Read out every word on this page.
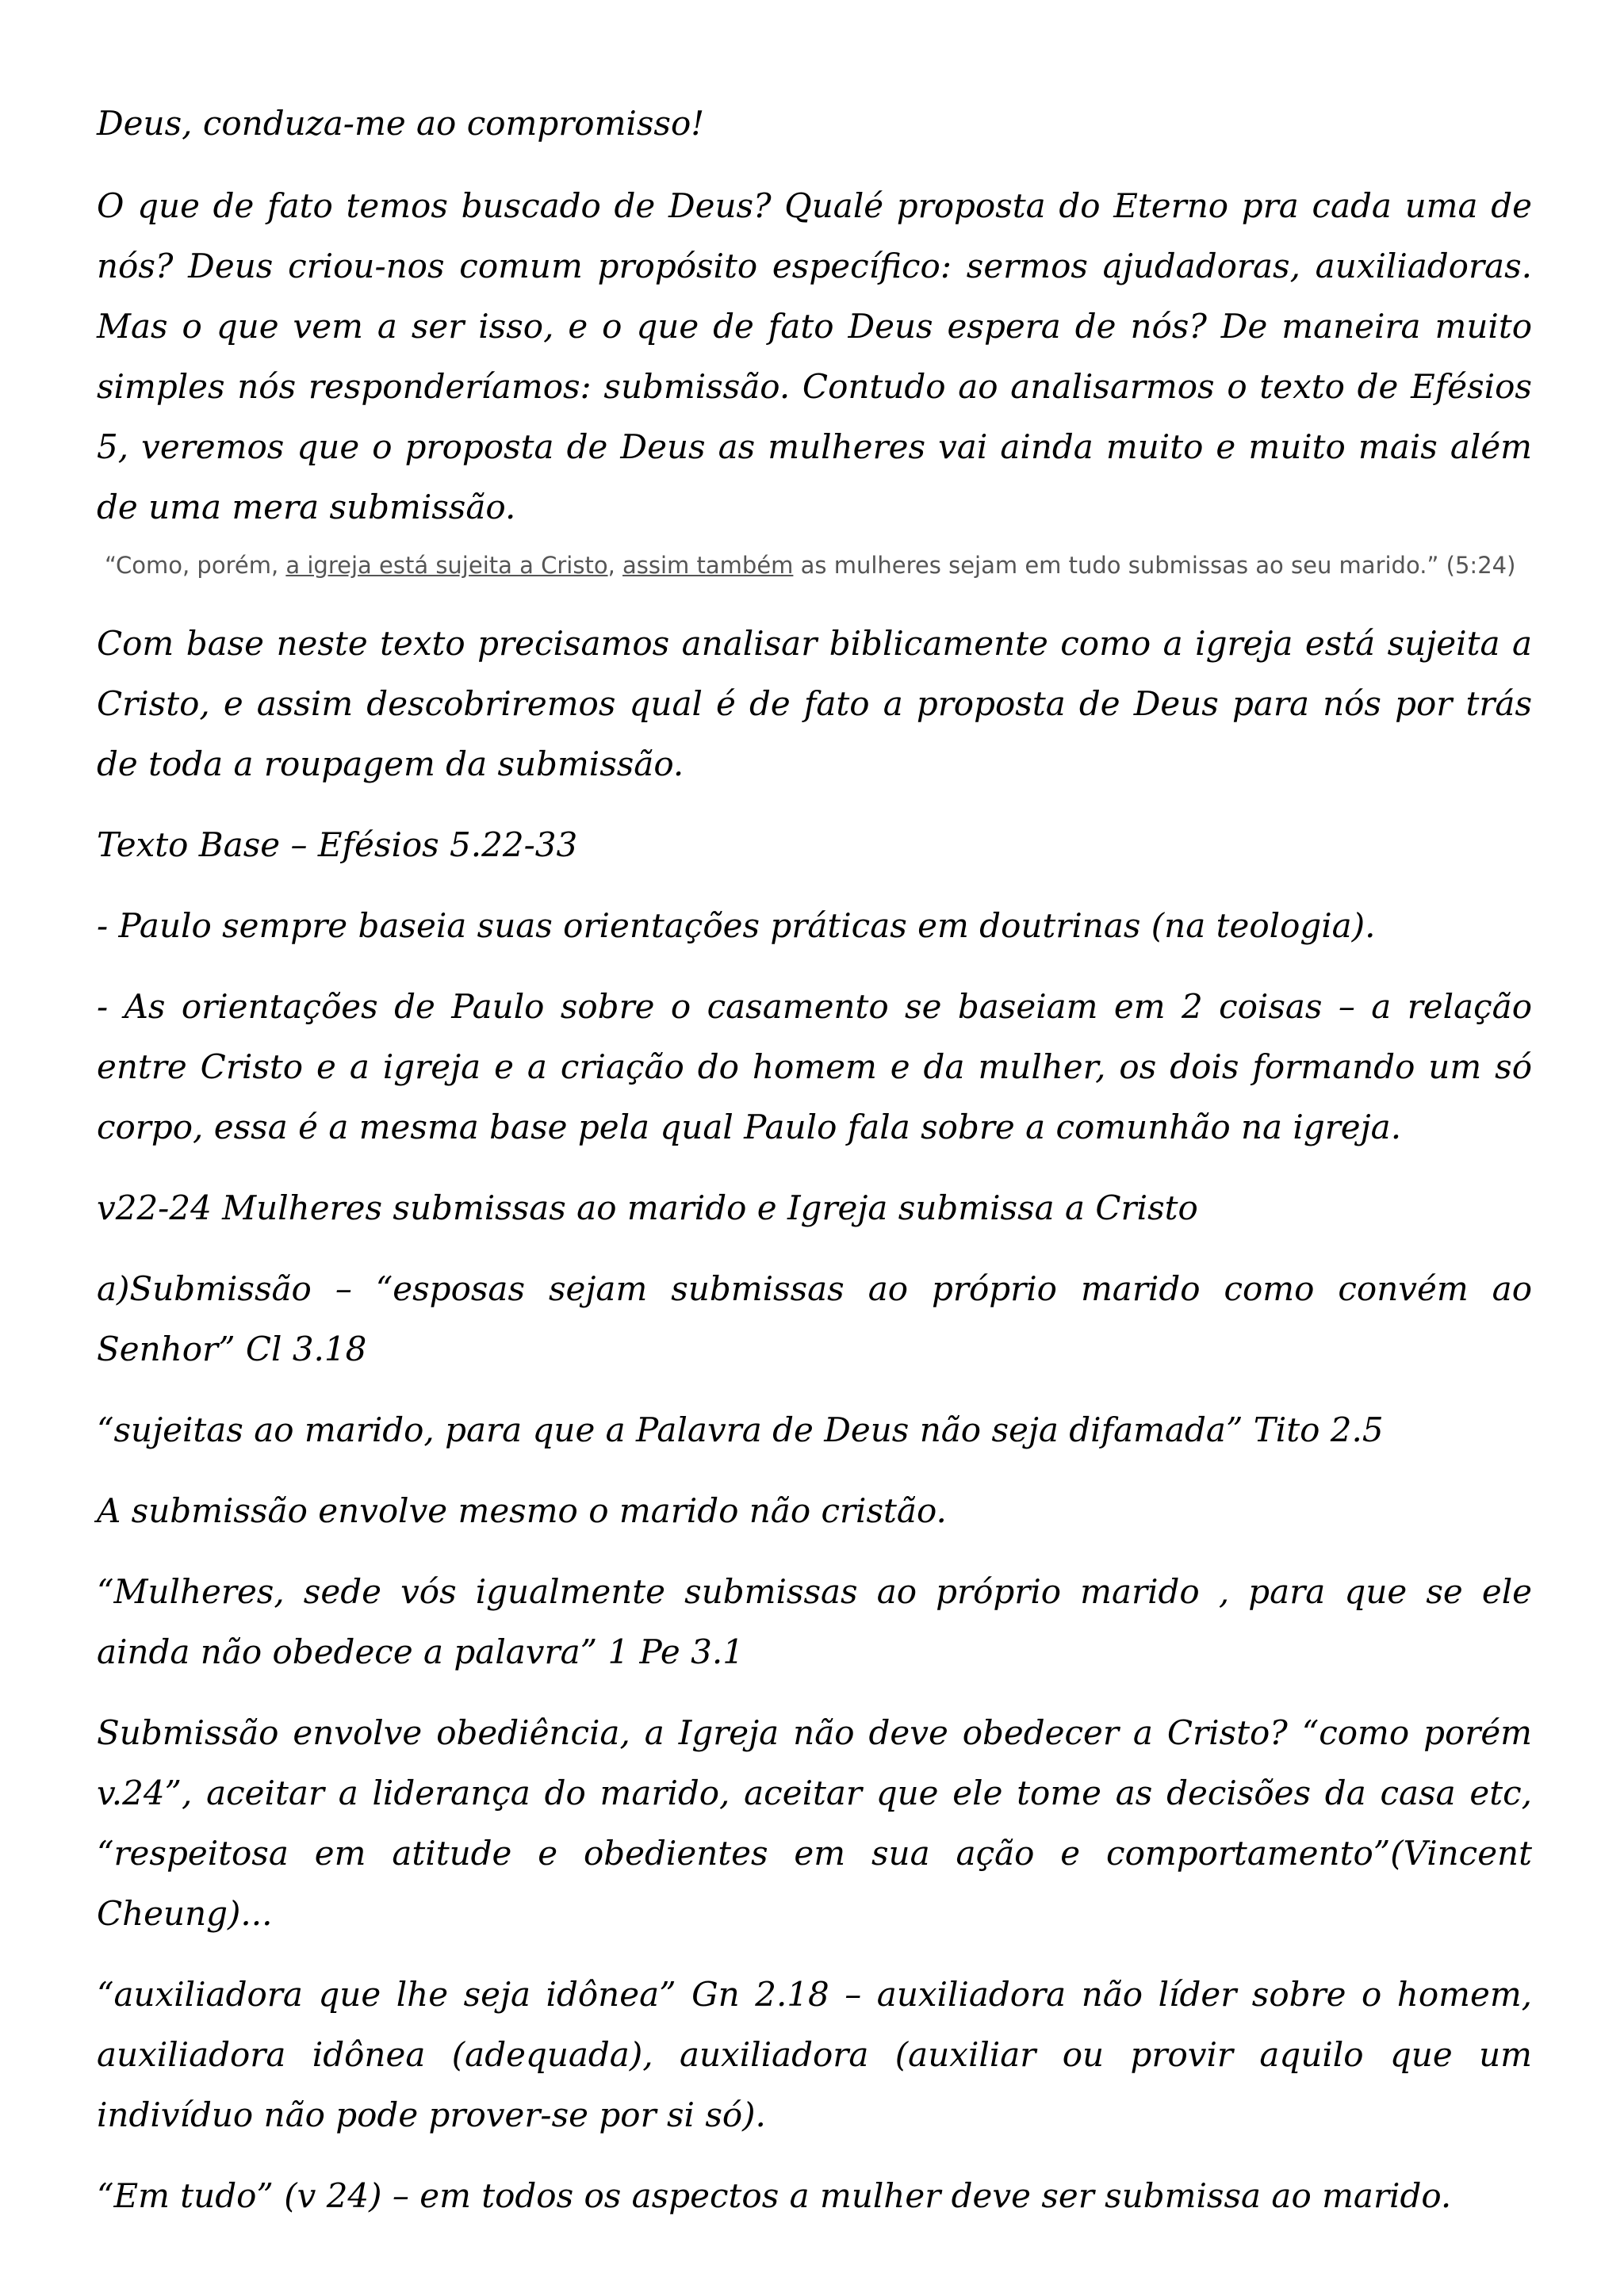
Deus, conduza-me ao compromisso!

O que de fato temos buscado de Deus? Qualé proposta do Eterno pra cada uma de nós? Deus criou-nos comum propósito específico: sermos ajudadoras, auxiliadoras. Mas o que vem a ser isso, e o que de fato Deus espera de nós? De maneira muito simples nós responderíamos: submissão. Contudo ao analisarmos o texto de Efésios 5, veremos que o proposta de Deus as mulheres vai ainda muito e muito mais além de uma mera submissão.

“Como, porém, a igreja está sujeita a Cristo, assim também as mulheres sejam em tudo submissas ao seu marido.” (5:24)

Com base neste texto precisamos analisar biblicamente como a igreja está sujeita a Cristo, e assim descobriremos qual é de fato a proposta de Deus para nós por trás de toda a roupagem da submissão.

Texto Base – Efésios 5.22-33

- Paulo sempre baseia suas orientações práticas em doutrinas (na teologia).

- As orientações de Paulo sobre o casamento se baseiam em 2 coisas – a relação entre Cristo e a igreja e a criação do homem e da mulher, os dois formando um só corpo, essa é a mesma base pela qual Paulo fala sobre a comunhão na igreja.

v22-24 Mulheres submissas ao marido e Igreja submissa a Cristo

a)Submissão – “esposas sejam submissas ao próprio marido como convém ao Senhor” Cl 3.18

“sujeitas ao marido, para que a Palavra de Deus não seja difamada” Tito 2.5

A submissão envolve mesmo o marido não cristão.

“Mulheres, sede vós igualmente submissas ao próprio marido , para que se ele ainda não obedece a palavra” 1 Pe 3.1

Submissão envolve obediência, a Igreja não deve obedecer a Cristo? “como porém v.24”, aceitar a liderança do marido, aceitar que ele tome as decisões da casa etc, “respeitosa em atitude e obedientes em sua ação e comportamento”(Vincent Cheung)...

“auxiliadora que lhe seja idônea” Gn 2.18 – auxiliadora não líder sobre o homem, auxiliadora idônea (adequada), auxiliadora (auxiliar ou provir aquilo que um indivíduo não pode prover-se por si só).

“Em tudo” (v 24) – em todos os aspectos a mulher deve ser submissa ao marido.
